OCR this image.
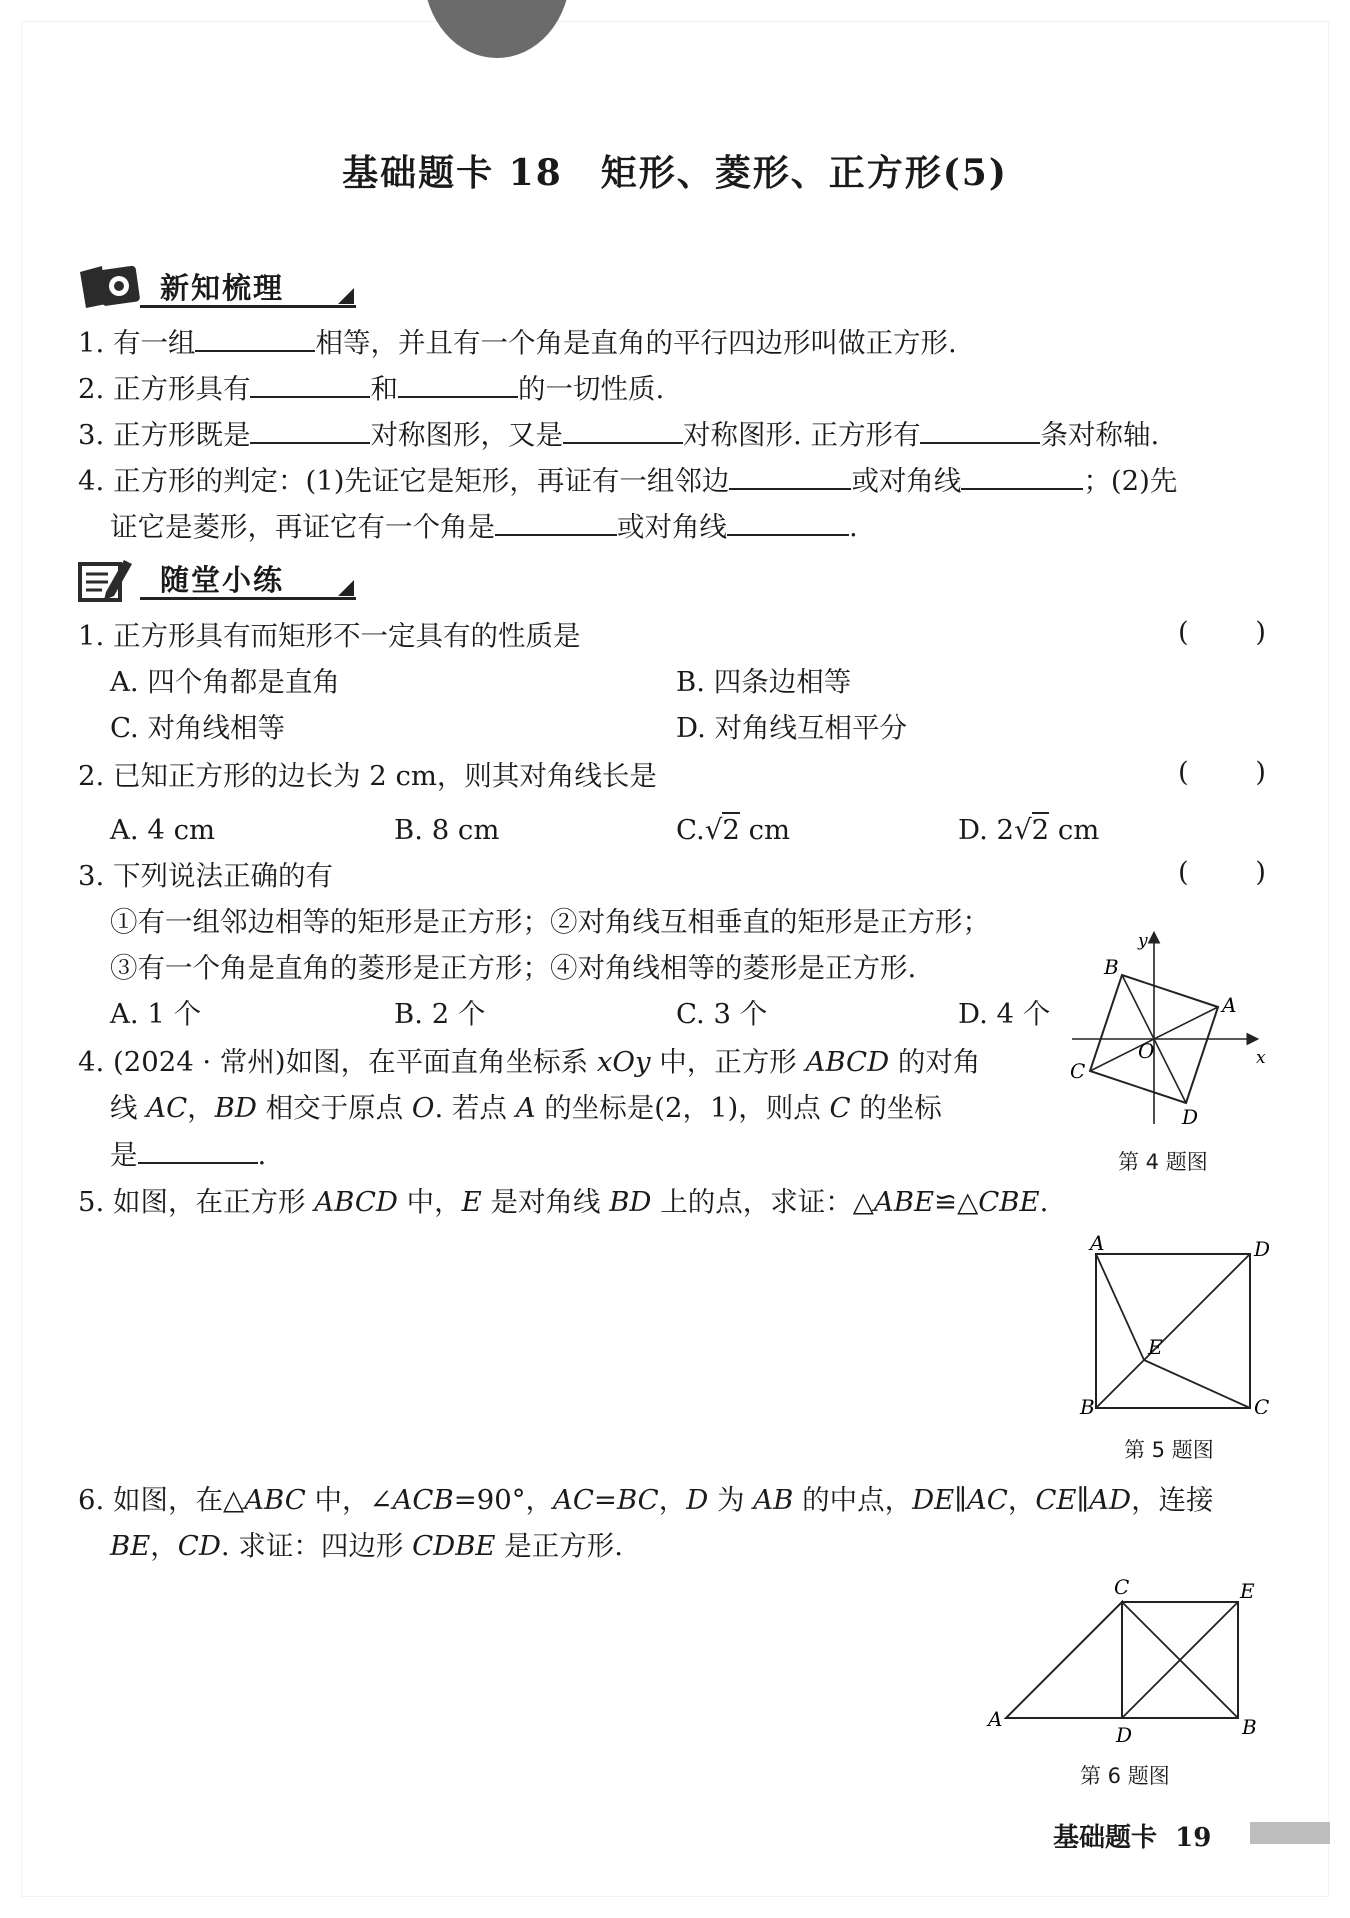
基础题卡 18　矩形、菱形、正方形(5)
新知梳理
1. 有一组	相等，并且有一个角是直角的平行四边形叫做正方形.
2. 正方形具有	和	的一切性质.
3. 正方形既是	对称图形，又是	对称图形. 正方形有	条对称轴.
4. 正方形的判定：(1)先证它是矩形，再证有一组邻边	或对角线	；(2)先
证它是菱形，再证它有一个角是	或对角线	.
随堂小练
1. 正方形具有而矩形不一定具有的性质是	( )
A. 四个角都是直角	B. 四条边相等
C. 对角线相等	D. 对角线互相平分
2. 已知正方形的边长为 2 cm，则其对角线长是	( )
A. 4 cm	B. 8 cm	C.√2 cm	D. 2√2 cm
3. 下列说法正确的有	( )
①有一组邻边相等的矩形是正方形；②对角线互相垂直的矩形是正方形；
③有一个角是直角的菱形是正方形；④对角线相等的菱形是正方形.
A. 1 个	B. 2 个	C. 3 个	D. 4 个
4. (2024 · 常州)如图，在平面直角坐标系 xOy 中，正方形 ABCD 的对角
线 AC，BD 相交于原点 O. 若点 A 的坐标是(2，1)，则点 C 的坐标
是	.
x
y
A
B
C
D
O
第 4 题图
5. 如图，在正方形 ABCD 中，E 是对角线 BD 上的点，求证：△ABE≌△CBE.
A
B	C
D
E
第 5 题图
6. 如图，在△ABC 中，∠ACB=90°，AC=BC，D 为 AB 的中点，DE∥AC，CE∥AD，连接
BE，CD. 求证：四边形 CDBE 是正方形.
A	B
C
D
E
第 6 题图
基础题卡 19
